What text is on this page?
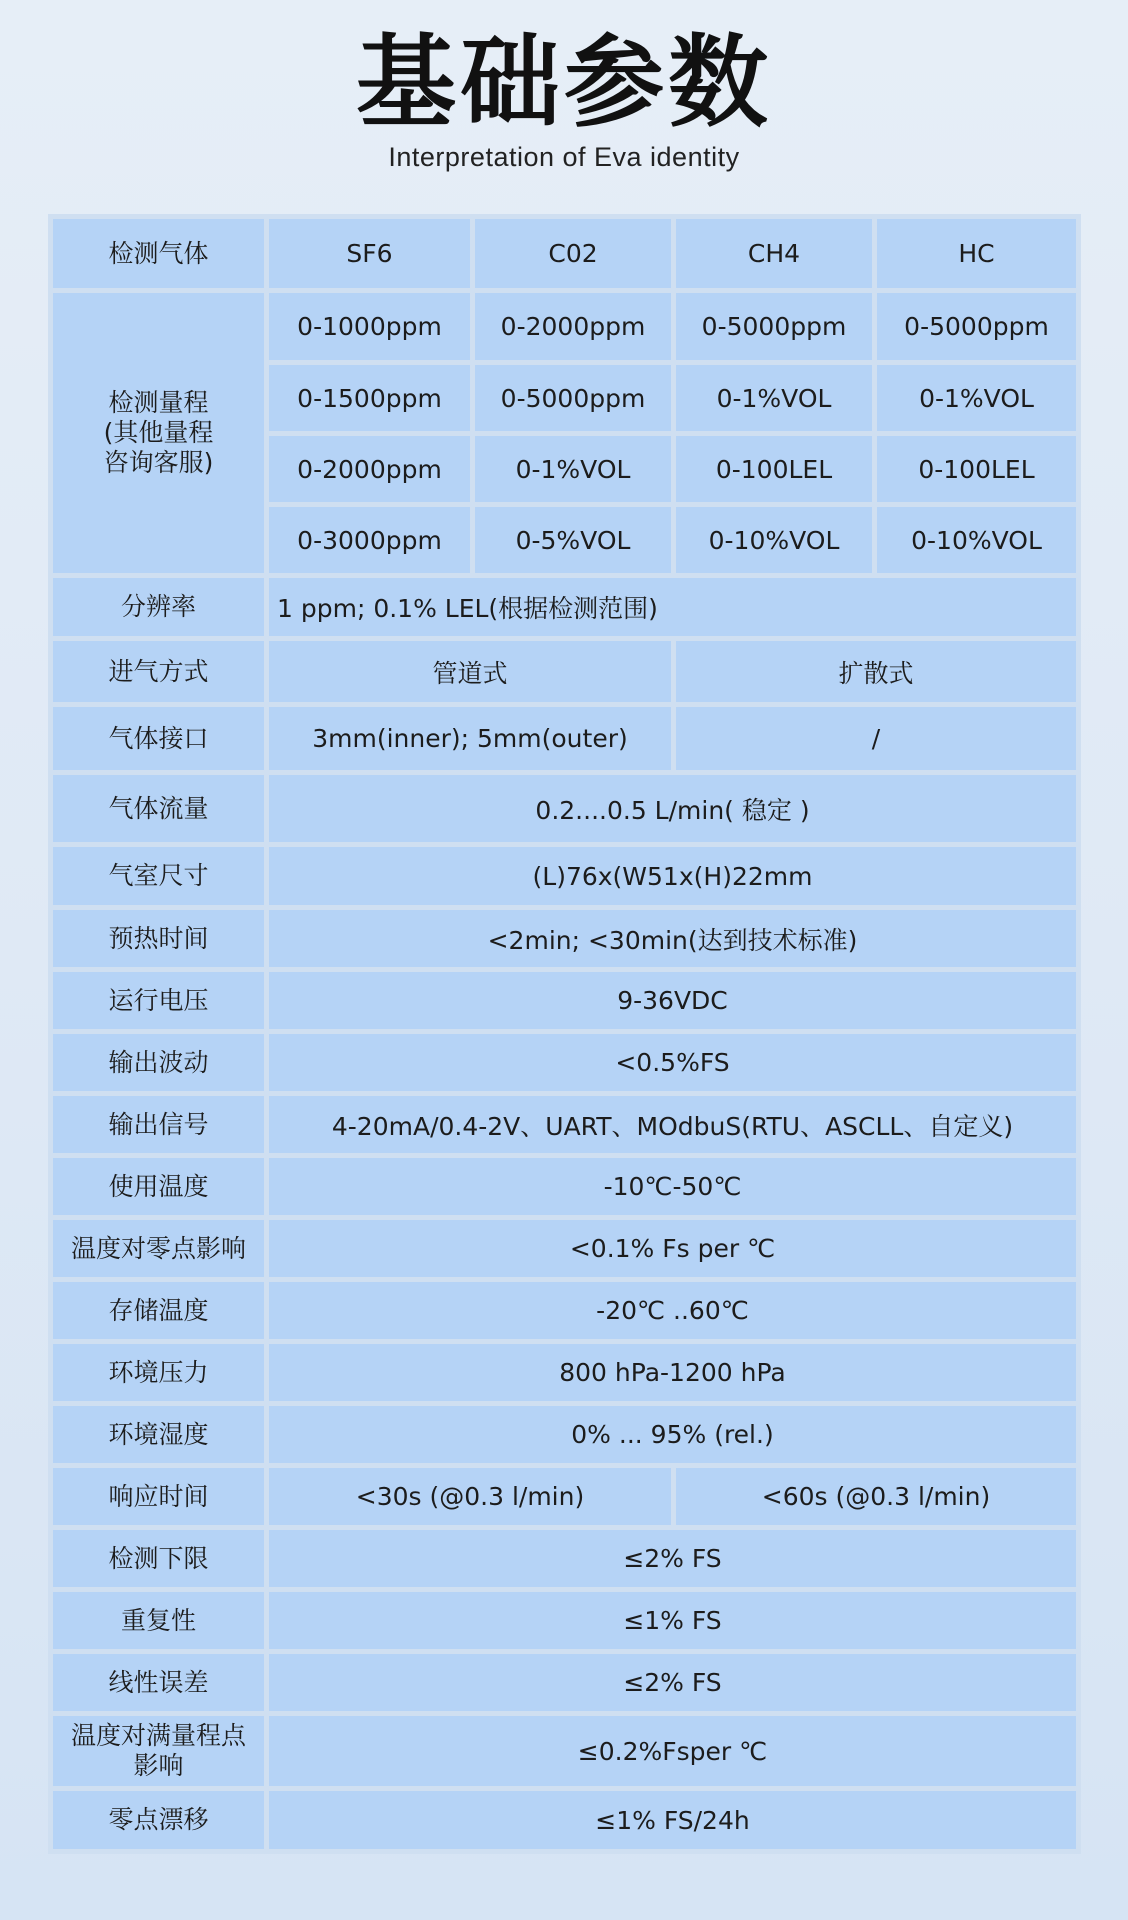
基础参数
Interpretation of Eva identity
检测气体	SF6	C02	CH4	HC
检测量程
(其他量程
咨询客服)	0-1000ppm	0-2000ppm	0-5000ppm	0-5000ppm
	0-1500ppm	0-5000ppm	0-1%VOL	0-1%VOL
	0-2000ppm	0-1%VOL	0-100LEL	0-100LEL
	0-3000ppm	0-5%VOL	0-10%VOL	0-10%VOL
分辨率	1 ppm; 0.1% LEL(根据检测范围)			
进气方式	管道式		扩散式	
气体接口	3mm(inner); 5mm(outer)		/	
气体流量	0.2....0.5 L/min( 稳定 )			
气室尺寸	(L)76x(W51x(H)22mm			
预热时间	<2min; <30min(达到技术标准)			
运行电压	9-36VDC			
输出波动	<0.5%FS			
输出信号	4-20mA/0.4-2V、UART、MOdbuS(RTU、ASCLL、自定义)			
使用温度	-10℃-50℃			
温度对零点影响	<0.1% Fs per ℃			
存储温度	-20℃ ..60℃			
环境压力	800 hPa-1200 hPa			
环境湿度	0% ... 95% (rel.)			
响应时间	<30s (@0.3 l/min)		<60s (@0.3 l/min)	
检测下限	≤2% FS			
重复性	≤1% FS			
线性误差	≤2% FS			
温度对满量程点
影响	≤0.2%Fsper ℃			
零点漂移	≤1% FS/24h			
